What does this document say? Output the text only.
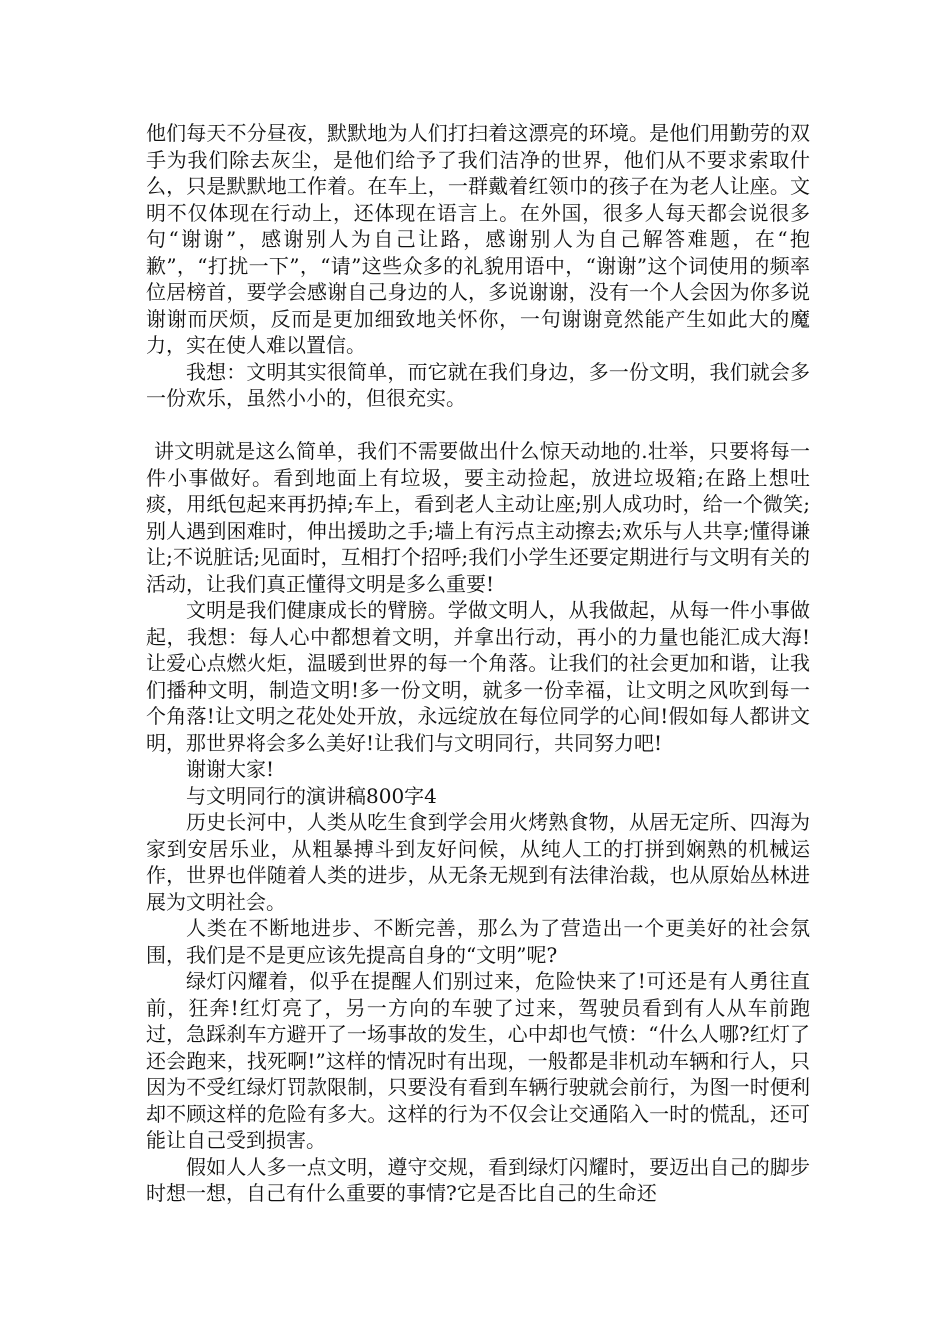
他们每天不分昼夜，默默地为人们打扫着这漂亮的环境。是他们用勤劳的双手为我们除去灰尘，是他们给予了我们洁净的世界，他们从不要求索取什么，只是默默地工作着。在车上，一群戴着红领巾的孩子在为老人让座。文明不仅体现在行动上，还体现在语言上。在外国，很多人每天都会说很多句“谢谢”，感谢别人为自己让路，感谢别人为自己解答难题，在“抱歉”，“打扰一下”，“请”这些众多的礼貌用语中，“谢谢”这个词使用的频率位居榜首，要学会感谢自己身边的人，多说谢谢，没有一个人会因为你多说谢谢而厌烦，反而是更加细致地关怀你，一句谢谢竟然能产生如此大的魔力，实在使人难以置信。

我想：文明其实很简单，而它就在我们身边，多一份文明，我们就会多一份欢乐，虽然小小的，但很充实。

讲文明就是这么简单，我们不需要做出什么惊天动地的.壮举，只要将每一件小事做好。看到地面上有垃圾，要主动捡起，放进垃圾箱;在路上想吐痰，用纸包起来再扔掉;车上，看到老人主动让座;别人成功时，给一个微笑;别人遇到困难时，伸出援助之手;墙上有污点主动擦去;欢乐与人共享;懂得谦让;不说脏话;见面时，互相打个招呼;我们小学生还要定期进行与文明有关的活动，让我们真正懂得文明是多么重要!

文明是我们健康成长的臂膀。学做文明人，从我做起，从每一件小事做起，我想：每人心中都想着文明，并拿出行动，再小的力量也能汇成大海!让爱心点燃火炬，温暖到世界的每一个角落。让我们的社会更加和谐，让我们播种文明，制造文明!多一份文明，就多一份幸福，让文明之风吹到每一个角落!让文明之花处处开放，永远绽放在每位同学的心间!假如每人都讲文明，那世界将会多么美好!让我们与文明同行，共同努力吧!

谢谢大家!

与文明同行的演讲稿800字4

历史长河中，人类从吃生食到学会用火烤熟食物，从居无定所、四海为家到安居乐业，从粗暴搏斗到友好问候，从纯人工的打拼到娴熟的机械运作，世界也伴随着人类的进步，从无条无规到有法律治裁，也从原始丛林进展为文明社会。

人类在不断地进步、不断完善，那么为了营造出一个更美好的社会氛围，我们是不是更应该先提高自身的“文明”呢?

绿灯闪耀着，似乎在提醒人们别过来，危险快来了!可还是有人勇往直前，狂奔!红灯亮了，另一方向的车驶了过来，驾驶员看到有人从车前跑过，急踩刹车方避开了一场事故的发生，心中却也气愤：“什么人哪?红灯了还会跑来，找死啊!”这样的情况时有出现，一般都是非机动车辆和行人，只因为不受红绿灯罚款限制，只要没有看到车辆行驶就会前行，为图一时便利却不顾这样的危险有多大。这样的行为不仅会让交通陷入一时的慌乱，还可能让自己受到损害。

假如人人多一点文明，遵守交规，看到绿灯闪耀时，要迈出自己的脚步时想一想，自己有什么重要的事情?它是否比自己的生命还
